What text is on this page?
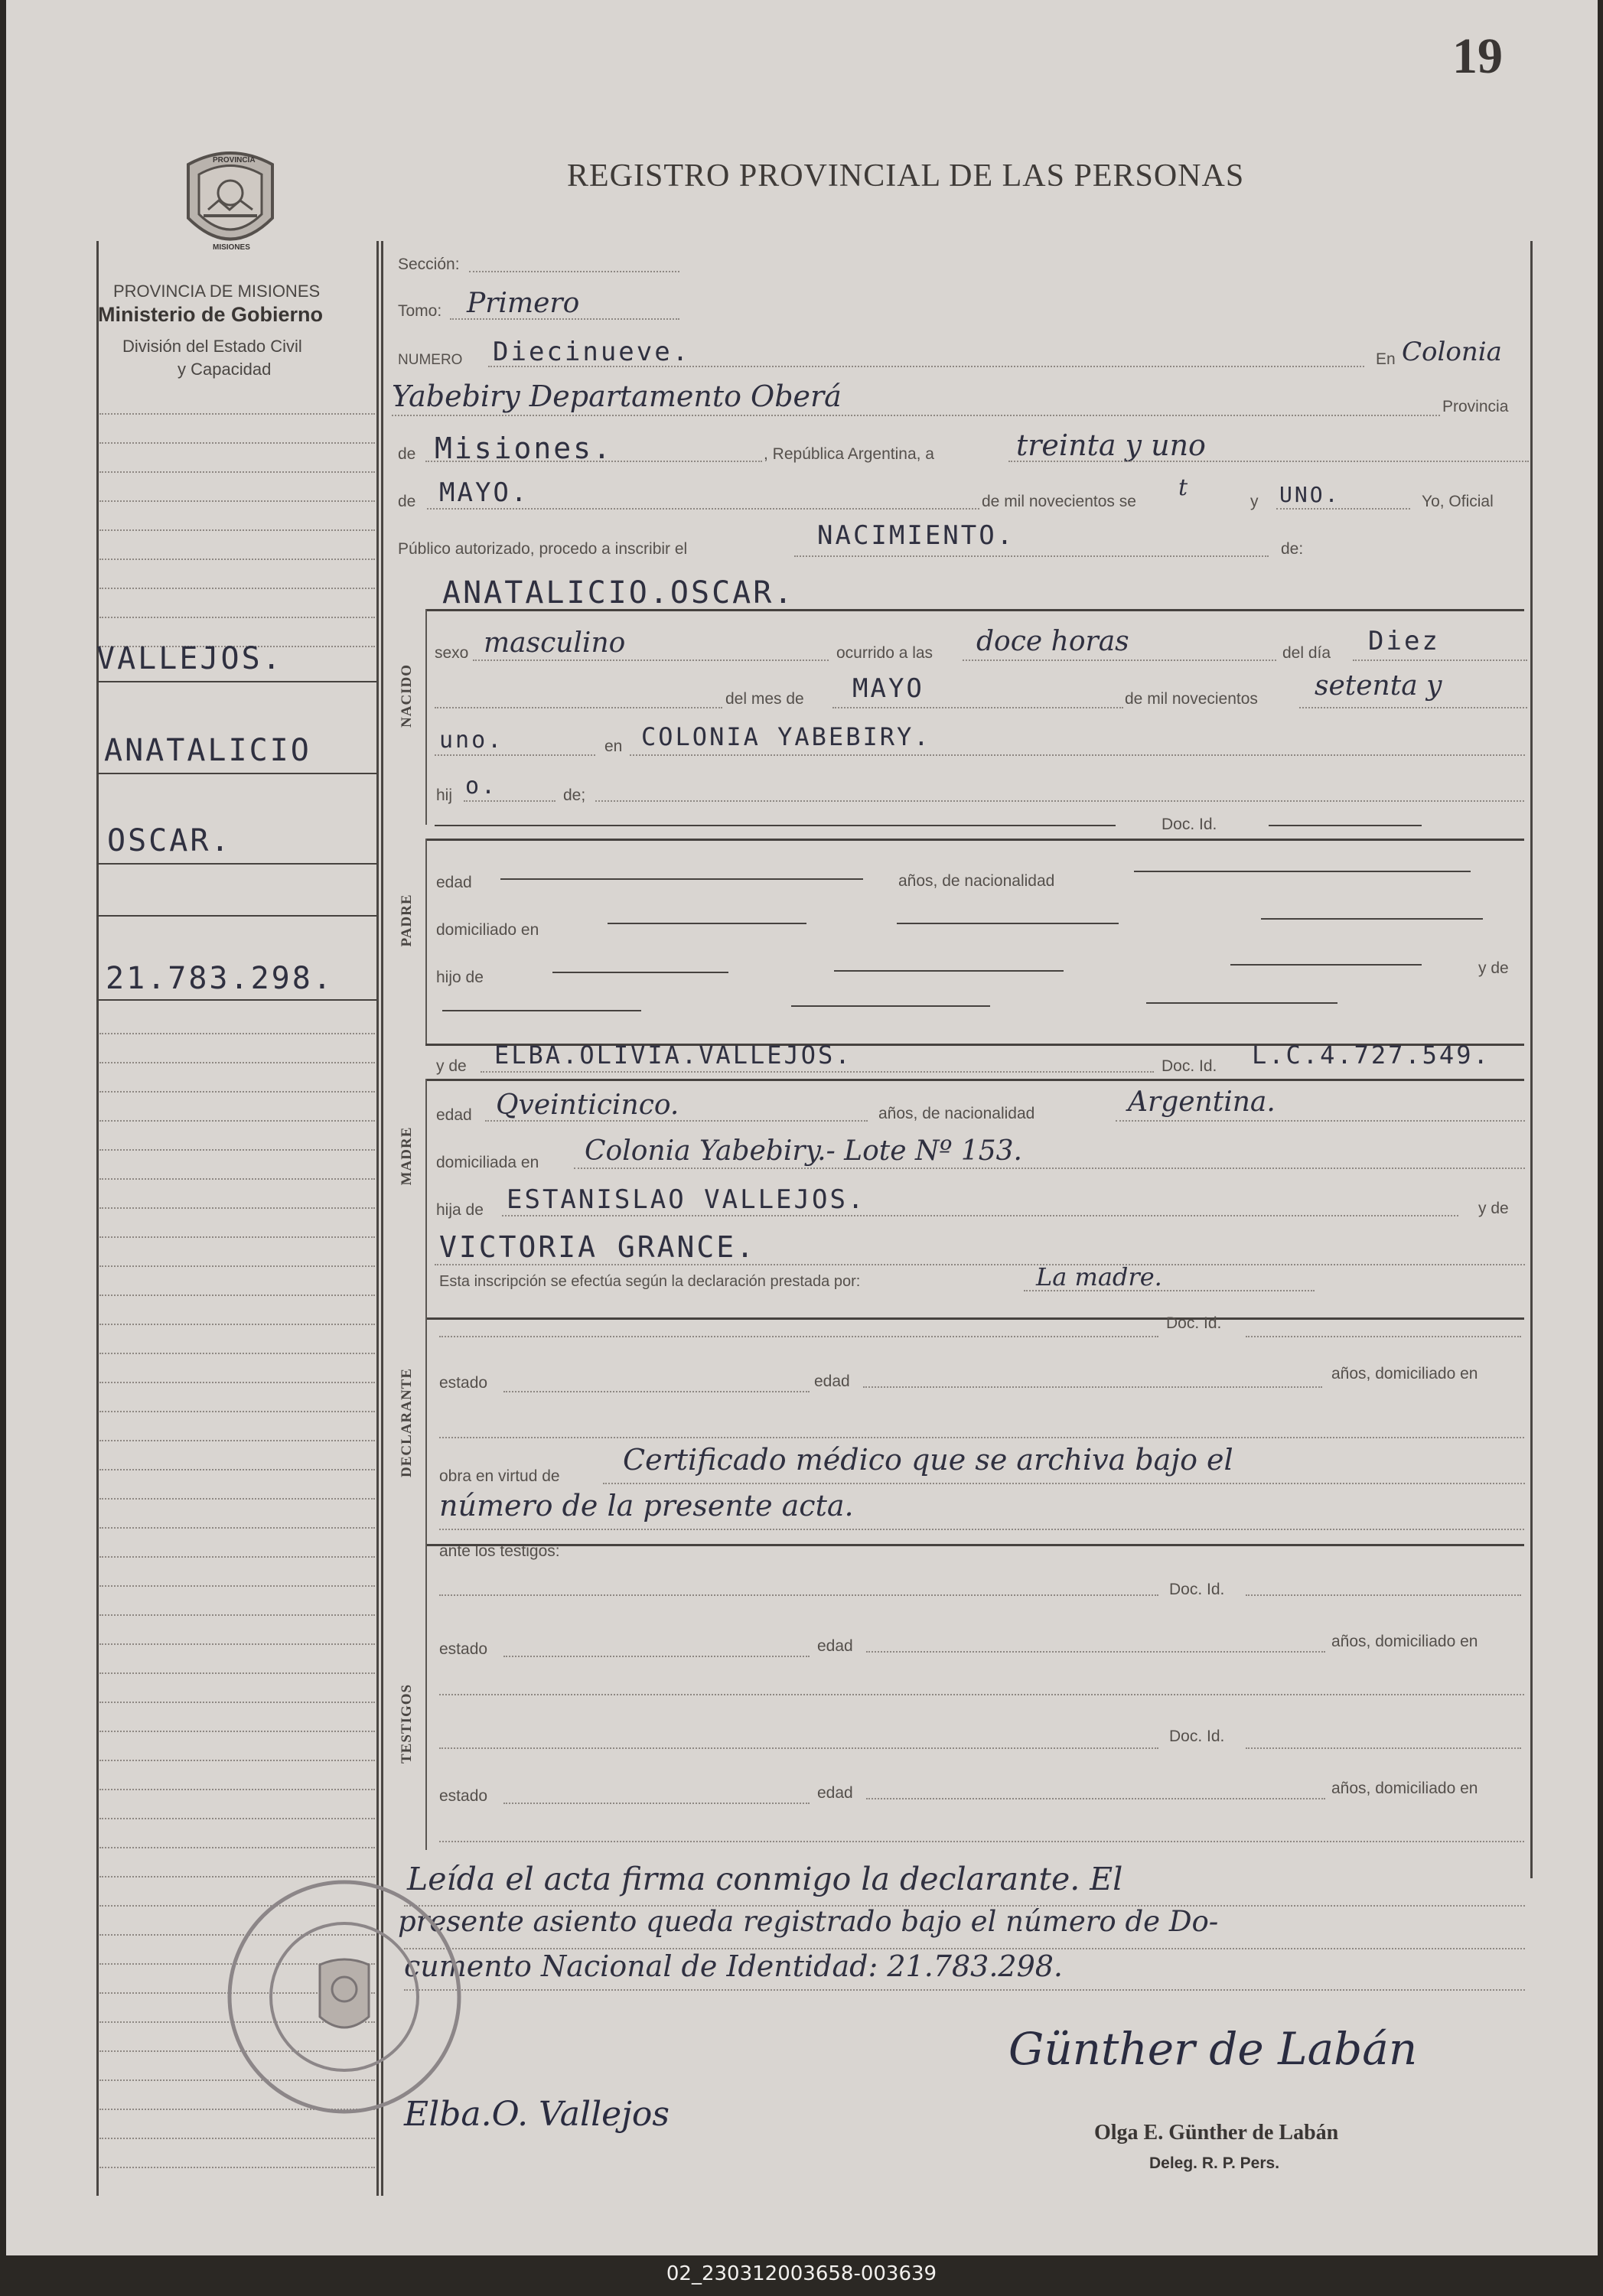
19
REGISTRO PROVINCIAL DE LAS PERSONAS
PROVINCIA
MISIONES
PROVINCIA DE MISIONES
Ministerio de Gobierno
División del Estado Civil
y Capacidad
VALLEJOS.
ANATALICIO
OSCAR.
21.783.298.
Sección:
Tomo: Primero
NUMERO Diecinueve.	En Colonia
Yabebiry Departamento Oberá	Provincia
de Misiones.	, República Argentina, a	treinta y uno
de MAYO.	de mil novecientos se
t
y UNO.	Yo, Oficial
Público autorizado, procedo a inscribir el	NACIMIENTO.	de:
ANATALICIO.OSCAR.
NACIDO
sexo masculino	ocurrido a las doce horas	del día Diez
del mes de MAYO	de mil novecientos setenta y
uno.	en COLONIA YABEBIRY.
hij o.	de;
Doc. Id.
PADRE
edad	años, de nacionalidad
domiciliado en
hijo de
y de
y de ELBA.OLIVIA.VALLEJOS.	Doc. Id. L.C.4.727.549.
MADRE
edad Qveinticinco.	años, de nacionalidad	Argentina.
domiciliada en Colonia Yabebiry.- Lote Nº 153.
hija de ESTANISLAO VALLEJOS.	y de
VICTORIA GRANCE.
Esta inscripción se efectúa según la declaración prestada por:	La madre.
DECLARANTE
Doc. Id.
estado	edad	años, domiciliado en
obra en virtud de Certificado médico que se archiva bajo el
número de la presente acta.
ante los testigos:
TESTIGOS
Doc. Id.
estado	edad	años, domiciliado en
Doc. Id.
estado	edad	años, domiciliado en
Leída el acta firma conmigo la declarante. El
presente asiento queda registrado bajo el número de Do-
cumento Nacional de Identidad: 21.783.298.
Elba.O. Vallejos
Günther de Labán
Olga E. Günther de Labán
Deleg. R. P. Pers.
02_230312003658-003639
